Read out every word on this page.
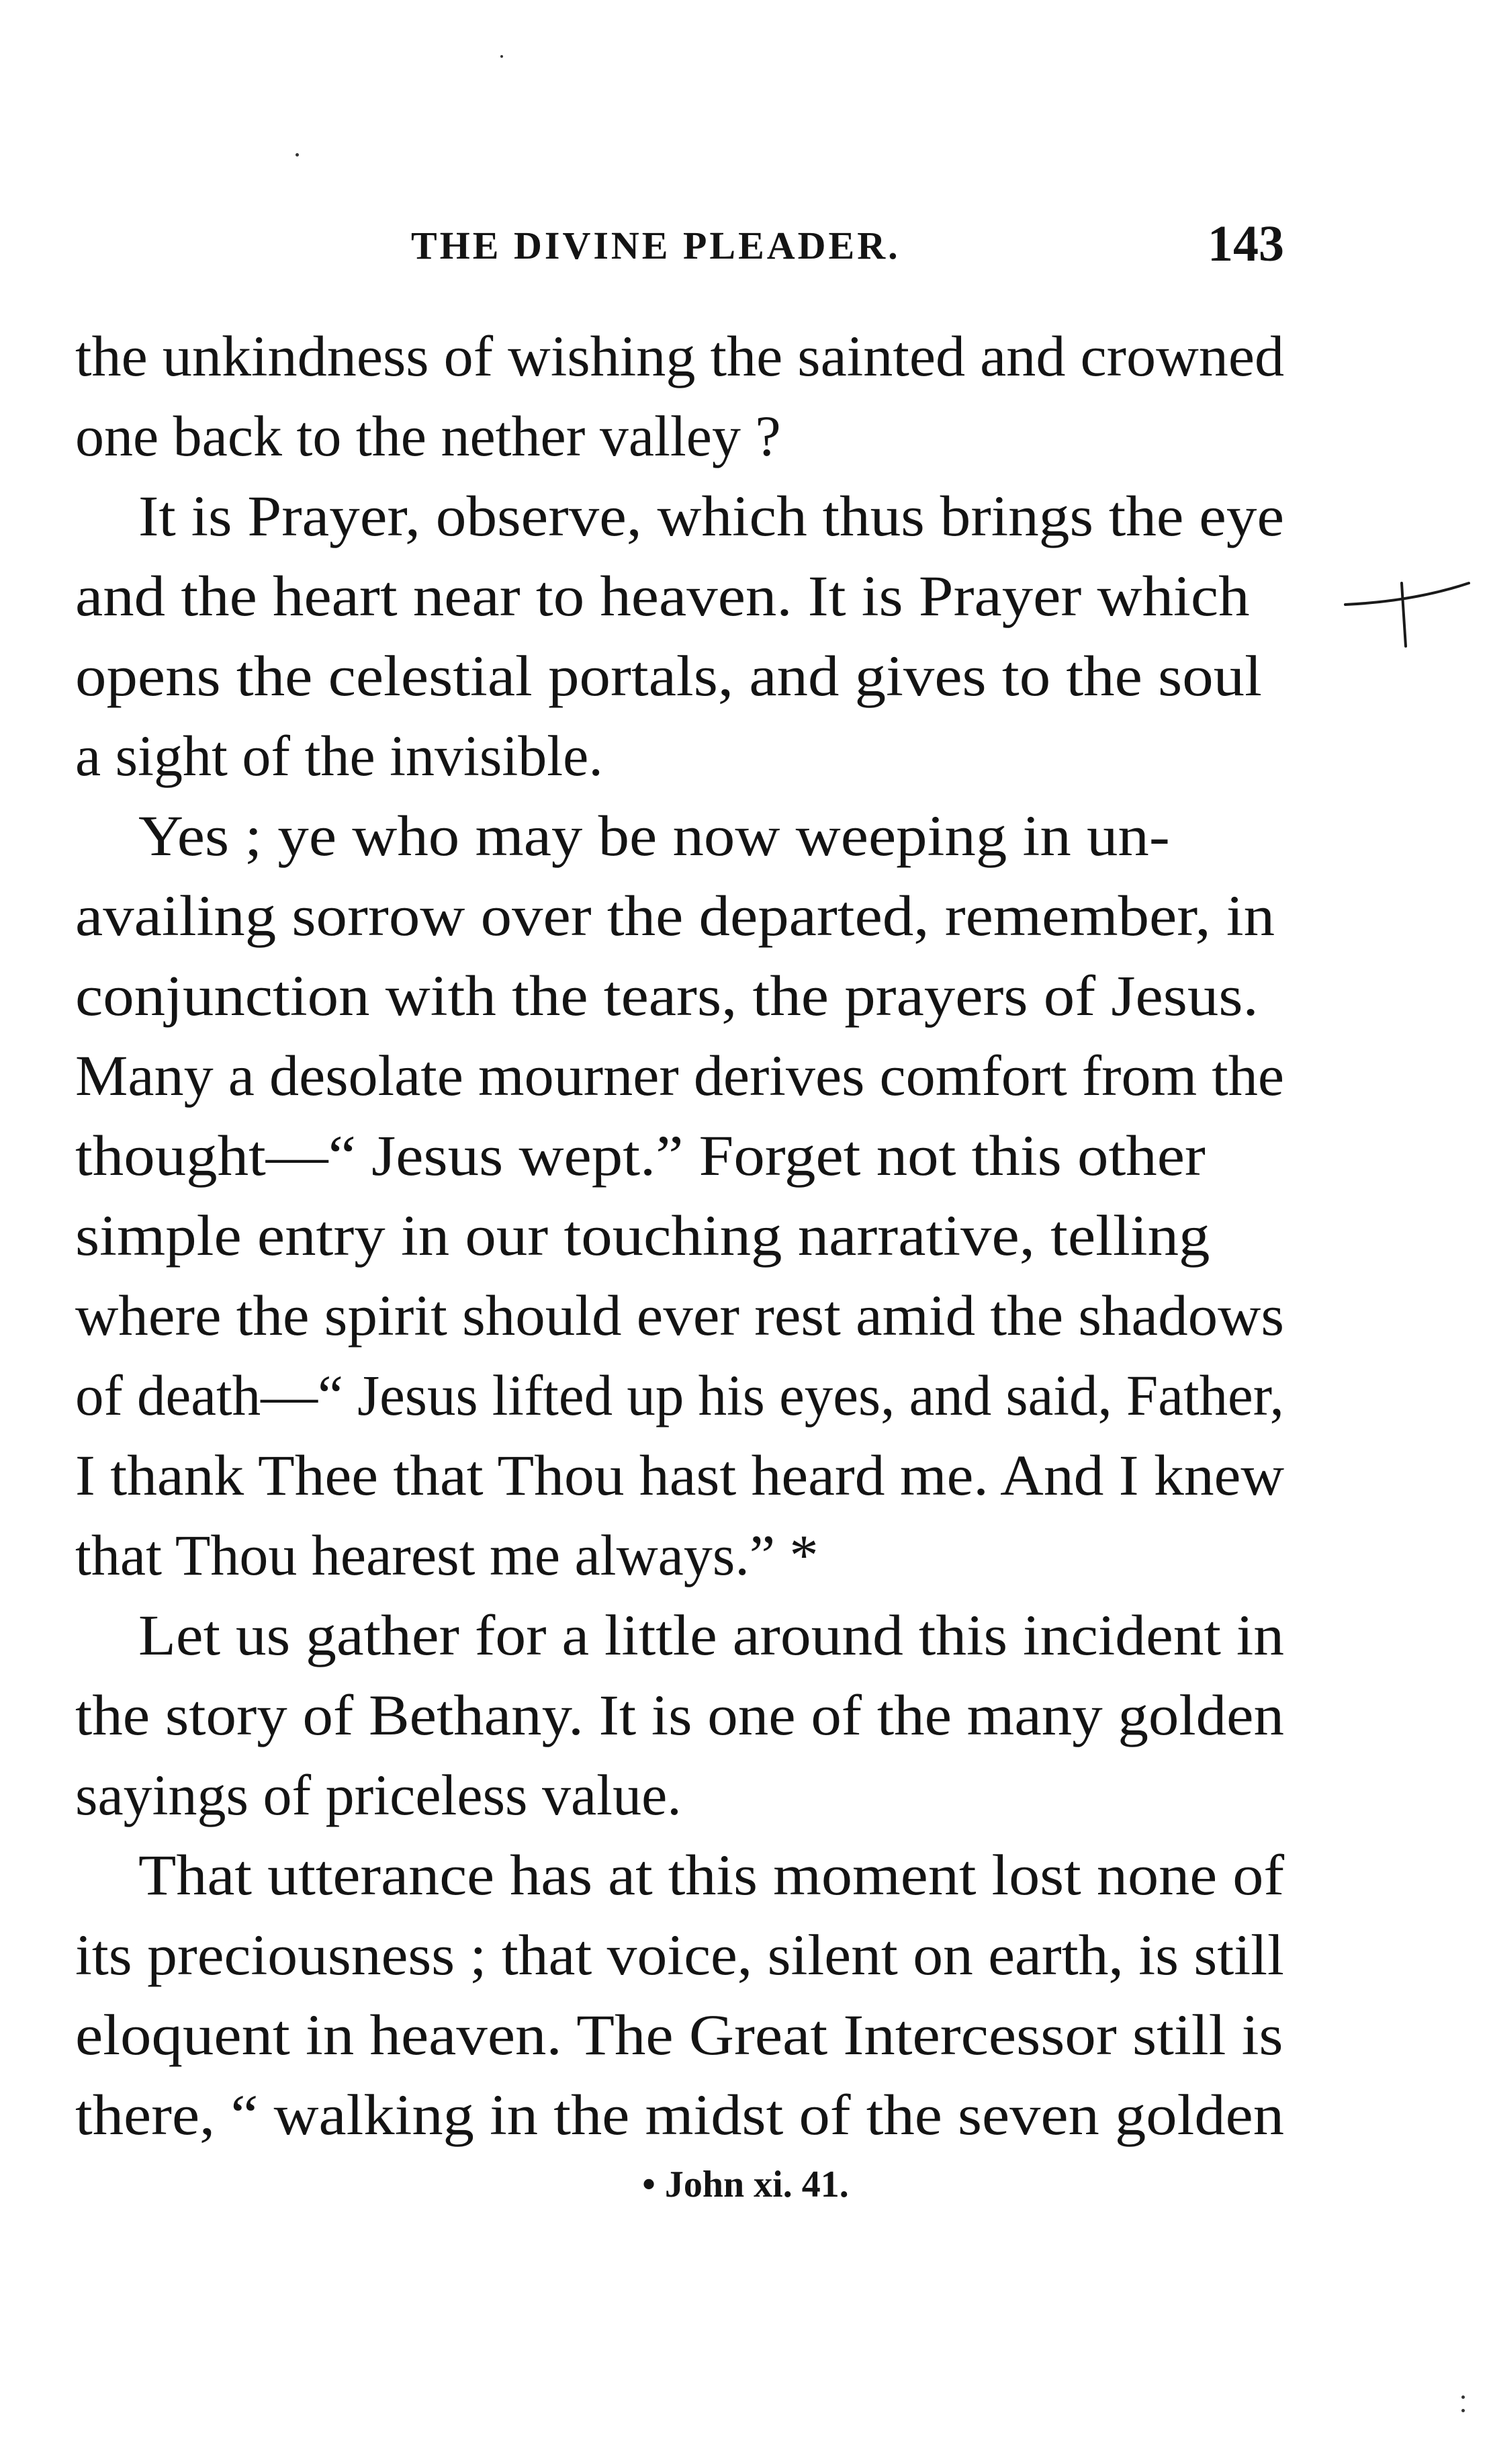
THE DIVINE PLEADER.	143
the unkindness of wishing the sainted and crowned
one back to the nether valley ?
It is Prayer, observe, which thus brings the eye
and the heart near to heaven. It is Prayer which
opens the celestial portals, and gives to the soul
a sight of the invisible.
Yes ; ye who may be now weeping in un-
availing sorrow over the departed, remember, in
conjunction with the tears, the prayers of Jesus.
Many a desolate mourner derives comfort from the
thought—“ Jesus wept.” Forget not this other
simple entry in our touching narrative, telling
where the spirit should ever rest amid the shadows
of death—“ Jesus lifted up his eyes, and said, Father,
I thank Thee that Thou hast heard me. And I knew
that Thou hearest me always.” *
Let us gather for a little around this incident in
the story of Bethany. It is one of the many golden
sayings of priceless value.
That utterance has at this moment lost none of
its preciousness ; that voice, silent on earth, is still
eloquent in heaven. The Great Intercessor still is
there, “ walking in the midst of the seven golden
• John xi. 41.
